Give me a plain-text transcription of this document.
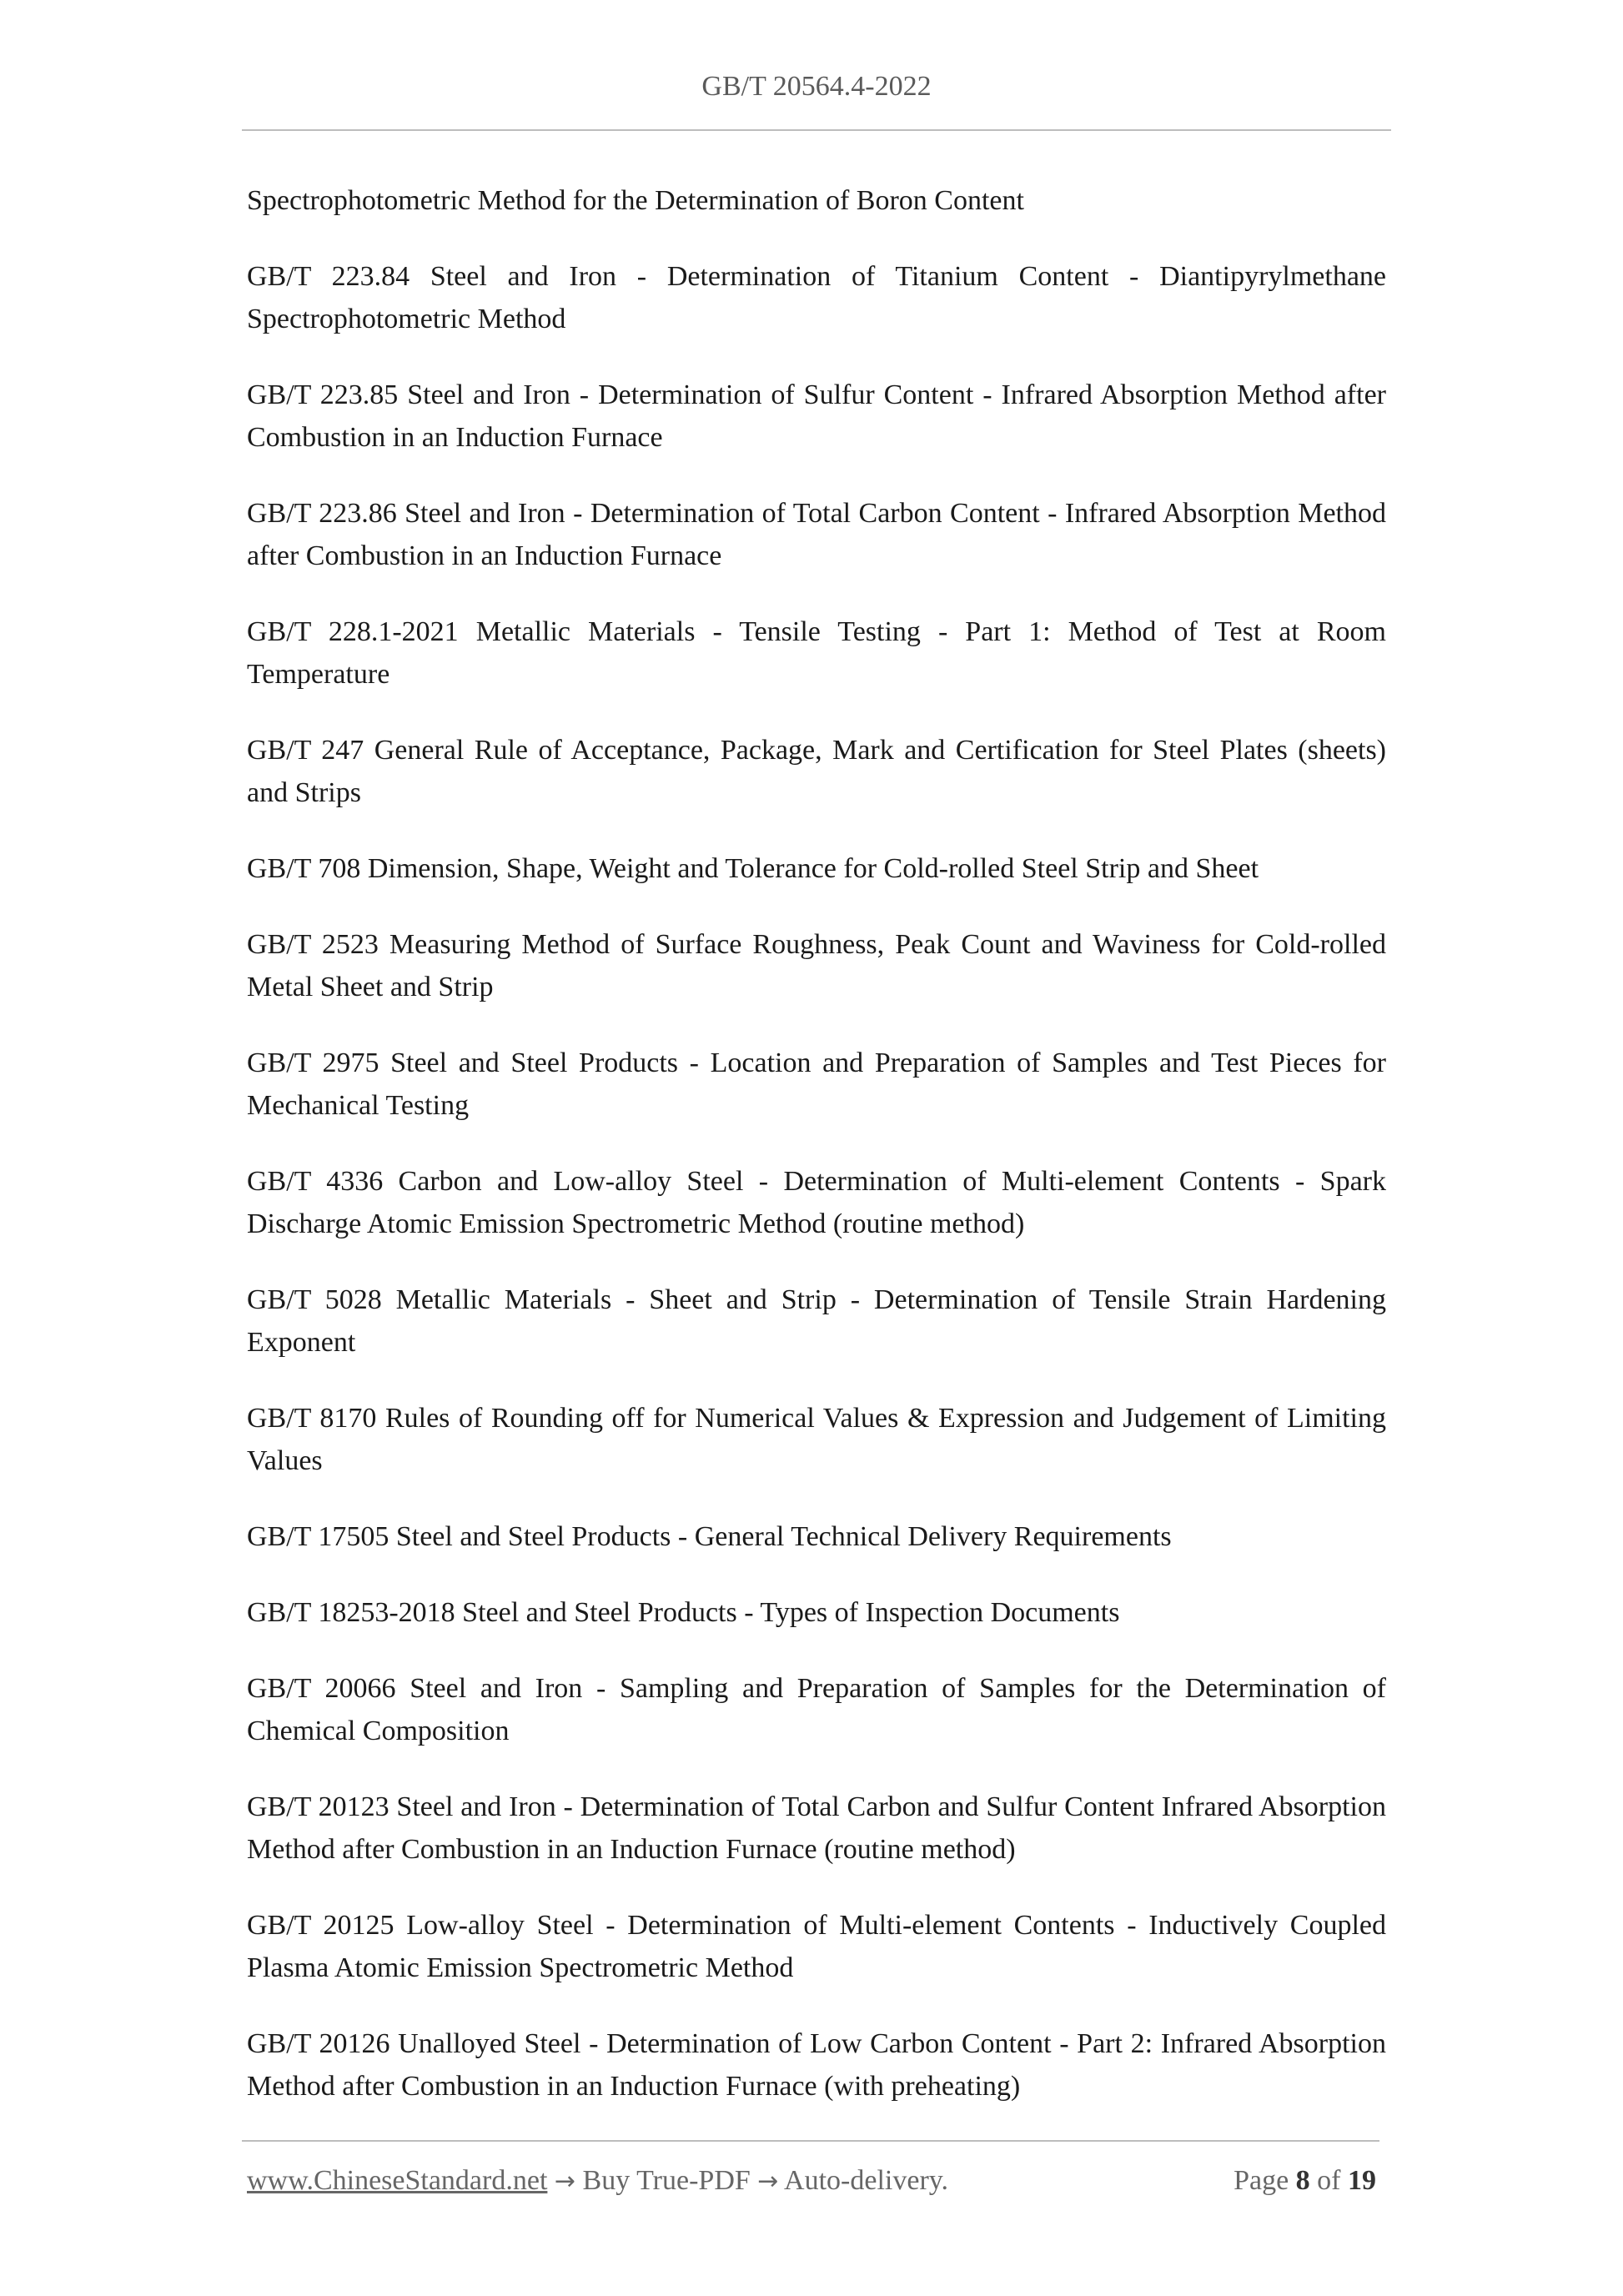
GB/T 20564.4-2022

Spectrophotometric Method for the Determination of Boron Content

GB/T 223.84 Steel and Iron - Determination of Titanium Content - Diantipyrylmethane Spectrophotometric Method

GB/T 223.85 Steel and Iron - Determination of Sulfur Content - Infrared Absorption Method after Combustion in an Induction Furnace

GB/T 223.86 Steel and Iron - Determination of Total Carbon Content - Infrared Absorption Method after Combustion in an Induction Furnace

GB/T 228.1-2021 Metallic Materials - Tensile Testing - Part 1: Method of Test at Room Temperature

GB/T 247 General Rule of Acceptance, Package, Mark and Certification for Steel Plates (sheets) and Strips

GB/T 708 Dimension, Shape, Weight and Tolerance for Cold-rolled Steel Strip and Sheet

GB/T 2523 Measuring Method of Surface Roughness, Peak Count and Waviness for Cold-rolled Metal Sheet and Strip

GB/T 2975 Steel and Steel Products - Location and Preparation of Samples and Test Pieces for Mechanical Testing

GB/T 4336 Carbon and Low-alloy Steel - Determination of Multi-element Contents - Spark Discharge Atomic Emission Spectrometric Method (routine method)

GB/T 5028 Metallic Materials - Sheet and Strip - Determination of Tensile Strain Hardening Exponent

GB/T 8170 Rules of Rounding off for Numerical Values & Expression and Judgement of Limiting Values

GB/T 17505 Steel and Steel Products - General Technical Delivery Requirements

GB/T 18253-2018 Steel and Steel Products - Types of Inspection Documents

GB/T 20066 Steel and Iron - Sampling and Preparation of Samples for the Determination of Chemical Composition

GB/T 20123 Steel and Iron - Determination of Total Carbon and Sulfur Content Infrared Absorption Method after Combustion in an Induction Furnace (routine method)

GB/T 20125 Low-alloy Steel - Determination of Multi-element Contents - Inductively Coupled Plasma Atomic Emission Spectrometric Method

GB/T 20126 Unalloyed Steel - Determination of Low Carbon Content - Part 2: Infrared Absorption Method after Combustion in an Induction Furnace (with preheating)

www.ChineseStandard.net → Buy True-PDF → Auto-delivery.	Page 8 of 19
